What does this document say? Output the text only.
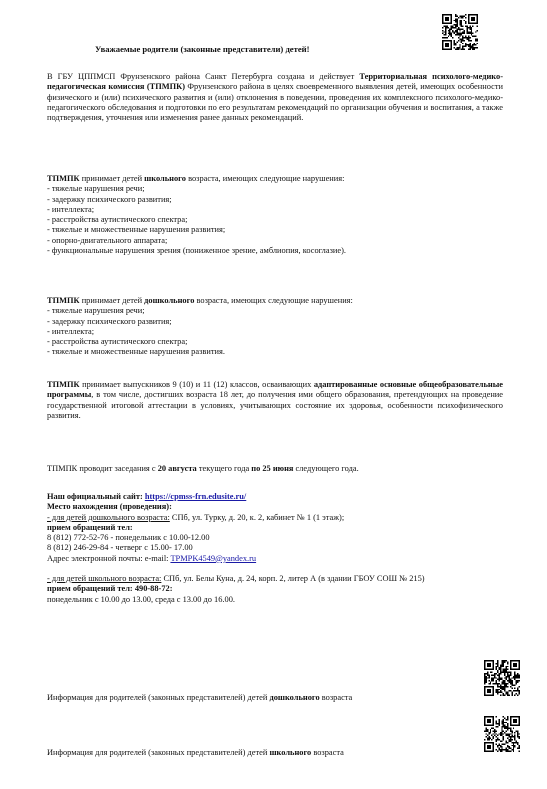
Уважаемые родители (законные представители) детей!

В ГБУ ЦППМСП Фрунзенского района Санкт Петербурга создана и действует Территориальная психолого-медико-педагогическая комиссия (ТПМПК) Фрунзенского района в целях своевременного выявления детей, имеющих особенности физического и (или) психического развития и (или) отклонения в поведении, проведения их комплексного психолого-медико-педагогического обследования и подготовки по его результатам рекомендаций по организации обучения и воспитания, а также подтверждения, уточнения или изменения ранее данных рекомендаций.

ТПМПК принимает детей школьного возраста, имеющих следующие нарушения:

- тяжелые нарушения речи;

- задержку психического развития;

- интеллекта;

- расстройства аутистического спектра;

- тяжелые и множественные нарушения развития;

- опорно-двигательного аппарата;

- функциональные нарушения зрения (пониженное зрение, амблиопия, косоглазие).

ТПМПК принимает детей дошкольного возраста, имеющих следующие нарушения:

- тяжелые нарушения речи;

- задержку психического развития;

- интеллекта;

- расстройства аутистического спектра;

- тяжелые и множественные нарушения развития.

ТПМПК принимает выпускников 9 (10) и 11 (12) классов, осваивающих адаптированные основные общеобразовательные программы, в том числе, достигших возраста 18 лет, до получения ими общего образования, претендующих на проведение государственной итоговой аттестации в условиях, учитывающих состояние их здоровья, особенности психофизического развития.

ТПМПК проводит заседания с 20 августа текущего года по 25 июня следующего года.

Наш официальный сайт: https://cpmss-frn.edusite.ru/

Место нахождения (проведения):

- для детей дошкольного возраста: СПб, ул. Турку, д. 20, к. 2, кабинет № 1 (1 этаж);

прием обращений тел:

8 (812) 772-52-76 - понедельник с 10.00-12.00

8 (812) 246-29-84 - четверг с 15.00- 17.00

Адрес электронной почты: e-mail: TPMPK4549@yandex.ru

- для детей школьного возраста: СПб, ул. Белы Куна, д. 24, корп. 2, литер А (в здании ГБОУ СОШ № 215)

прием обращений тел: 490-88-72:

понедельник с 10.00 до 13.00, среда с 13.00 до 16.00.

Информация для родителей (законных представителей) детей дошкольного возраста
Информация для родителей (законных представителей) детей школьного возраста
